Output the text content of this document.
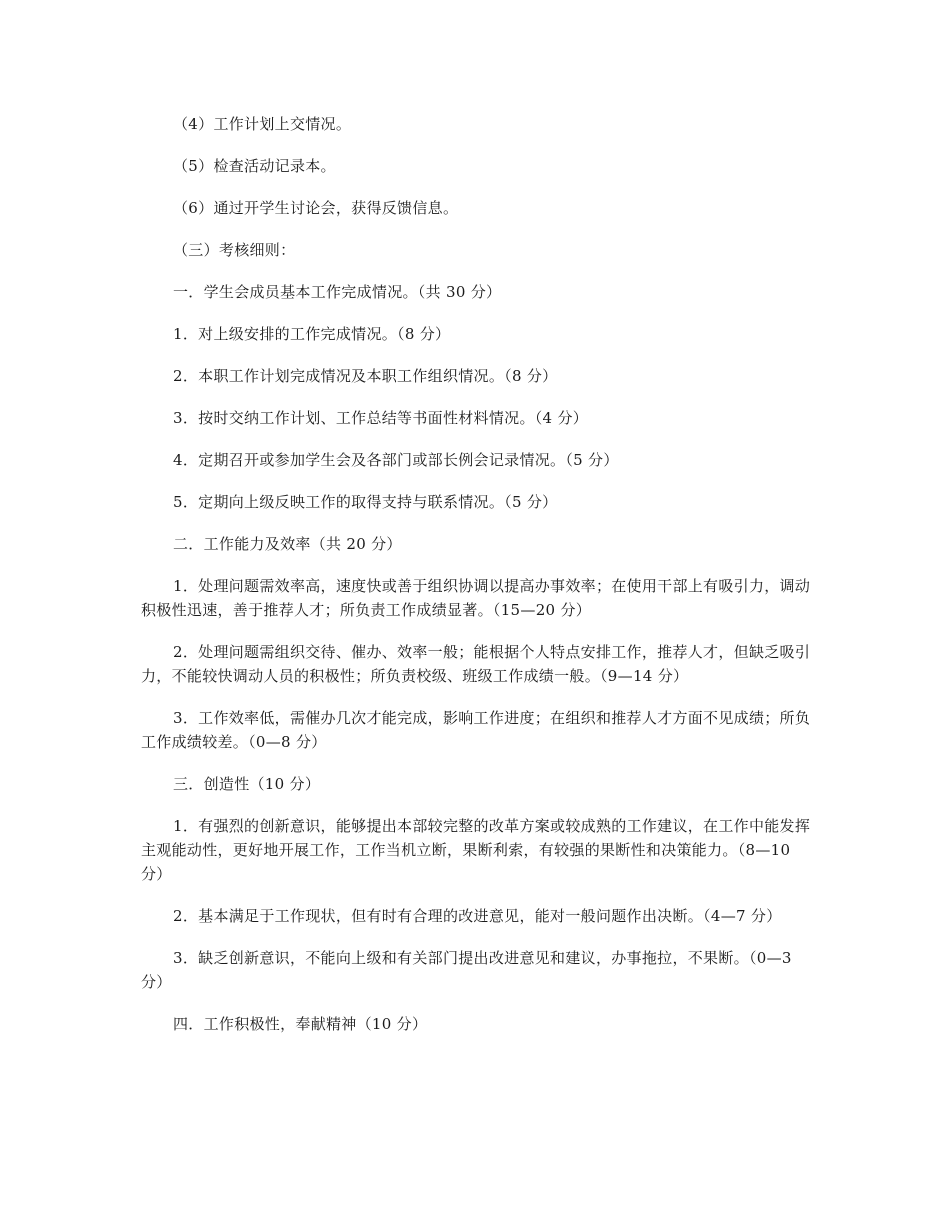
（4）工作计划上交情况。

（5）检查活动记录本。

（6）通过开学生讨论会，获得反馈信息。

（三）考核细则：

一．学生会成员基本工作完成情况。（共 30 分）

1．对上级安排的工作完成情况。（8 分）

2．本职工作计划完成情况及本职工作组织情况。（8 分）

3．按时交纳工作计划、工作总结等书面性材料情况。（4 分）

4．定期召开或参加学生会及各部门或部长例会记录情况。（5 分）

5．定期向上级反映工作的取得支持与联系情况。（5 分）

二．工作能力及效率（共 20 分）

1．处理问题需效率高，速度快或善于组织协调以提高办事效率；在使用干部上有吸引力，调动积极性迅速，善于推荐人才；所负责工作成绩显著。（15—20 分）

2．处理问题需组织交待、催办、效率一般；能根据个人特点安排工作，推荐人才，但缺乏吸引力，不能较快调动人员的积极性；所负责校级、班级工作成绩一般。（9—14 分）

3．工作效率低，需催办几次才能完成，影响工作进度；在组织和推荐人才方面不见成绩；所负工作成绩较差。（0—8 分）

三．创造性（10 分）

1．有强烈的创新意识，能够提出本部较完整的改革方案或较成熟的工作建议，在工作中能发挥主观能动性，更好地开展工作，工作当机立断，果断利索，有较强的果断性和决策能力。（8—10 分）

2．基本满足于工作现状，但有时有合理的改进意见，能对一般问题作出决断。（4—7 分）

3．缺乏创新意识，不能向上级和有关部门提出改进意见和建议，办事拖拉，不果断。（0—3 分）

四．工作积极性，奉献精神（10 分）
